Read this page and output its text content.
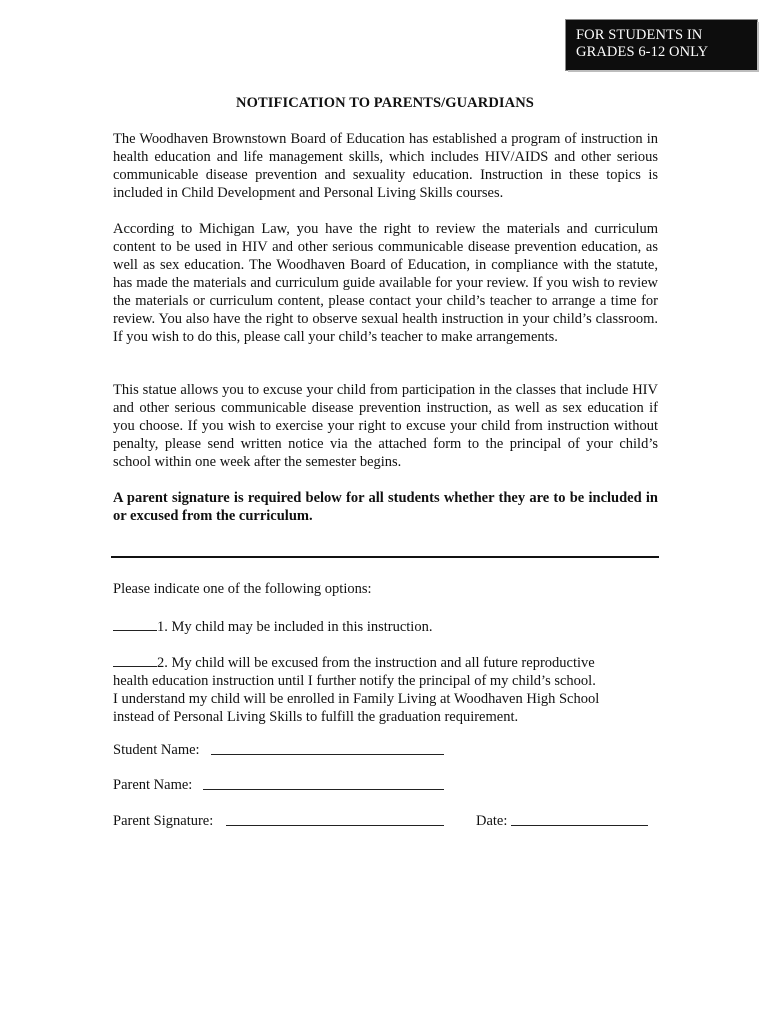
FOR STUDENTS IN
GRADES 6-12 ONLY
NOTIFICATION TO PARENTS/GUARDIANS

The Woodhaven Brownstown Board of Education has established a program of instruction in health education and life management skills, which includes HIV/AIDS and other serious communicable disease prevention and sexuality education. Instruction in these topics is included in Child Development and Personal Living Skills courses.

According to Michigan Law, you have the right to review the materials and curriculum content to be used in HIV and other serious communicable disease prevention education, as well as sex education. The Woodhaven Board of Education, in compliance with the statute, has made the materials and curriculum guide available for your review. If you wish to review the materials or curriculum content, please contact your child’s teacher to arrange a time for review. You also have the right to observe sexual health instruction in your child’s classroom. If you wish to do this, please call your child’s teacher to make arrangements.

This statue allows you to excuse your child from participation in the classes that include HIV and other serious communicable disease prevention instruction, as well as sex education if you choose. If you wish to exercise your right to excuse your child from instruction without penalty, please send written notice via the attached form to the principal of your child’s school within one week after the semester begins.

A parent signature is required below for all students whether they are to be included in or excused from the curriculum.

Please indicate one of the following options:

1. My child may be included in this instruction.
2. My child will be excused from the instruction and all future reproductive
health education instruction until I further notify the principal of my child’s school.
I understand my child will be enrolled in Family Living at Woodhaven High School
instead of Personal Living Skills to fulfill the graduation requirement.
Student Name:
Parent Name:
Parent Signature:	Date:
